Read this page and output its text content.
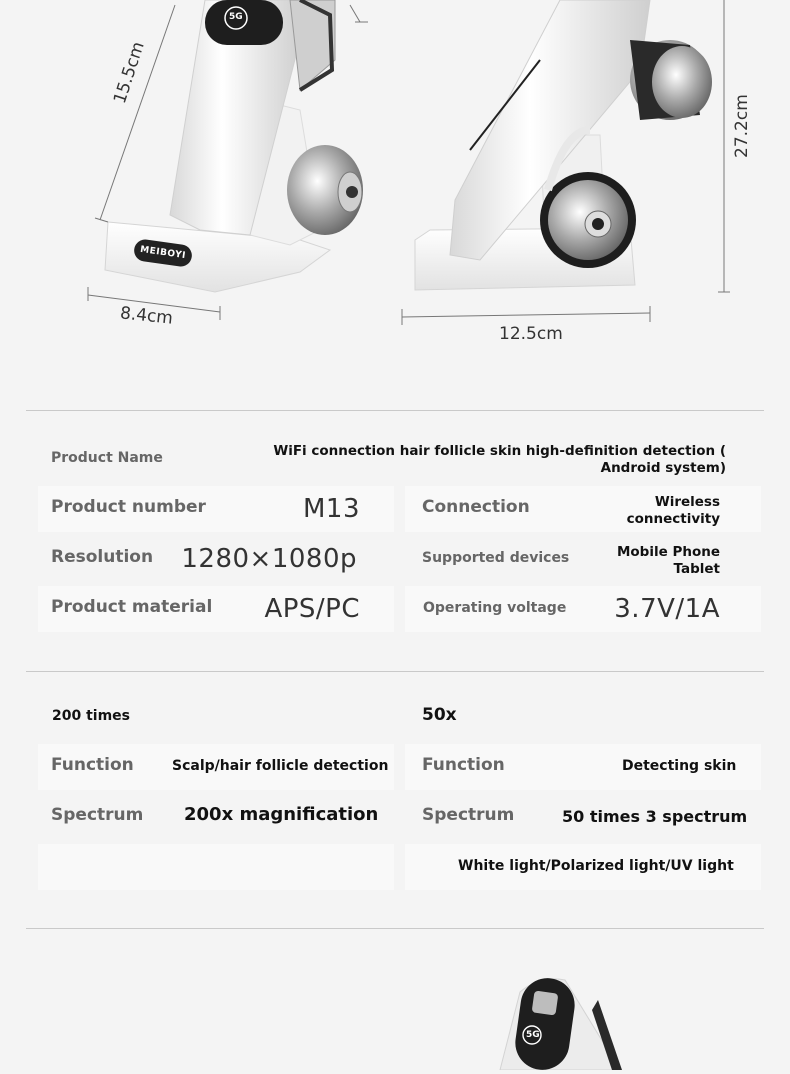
5G
MEIBOYI
15.5cm
8.4cm
27.2cm
12.5cm
Product Name	WiFi connection hair follicle skin high-definition detection (
Android system)
Product number	M13	Connection	Wireless
connectivity
Resolution 1280×1080p	Supported devices	Mobile Phone
Tablet
Product material APS/PC	Operating voltage 3.7V/1A
200 times	50x
Function	Scalp/hair follicle detection Function	Detecting skin
Spectrum 200x magnification	Spectrum	50 times 3 spectrum
White light/Polarized light/UV light
5G
